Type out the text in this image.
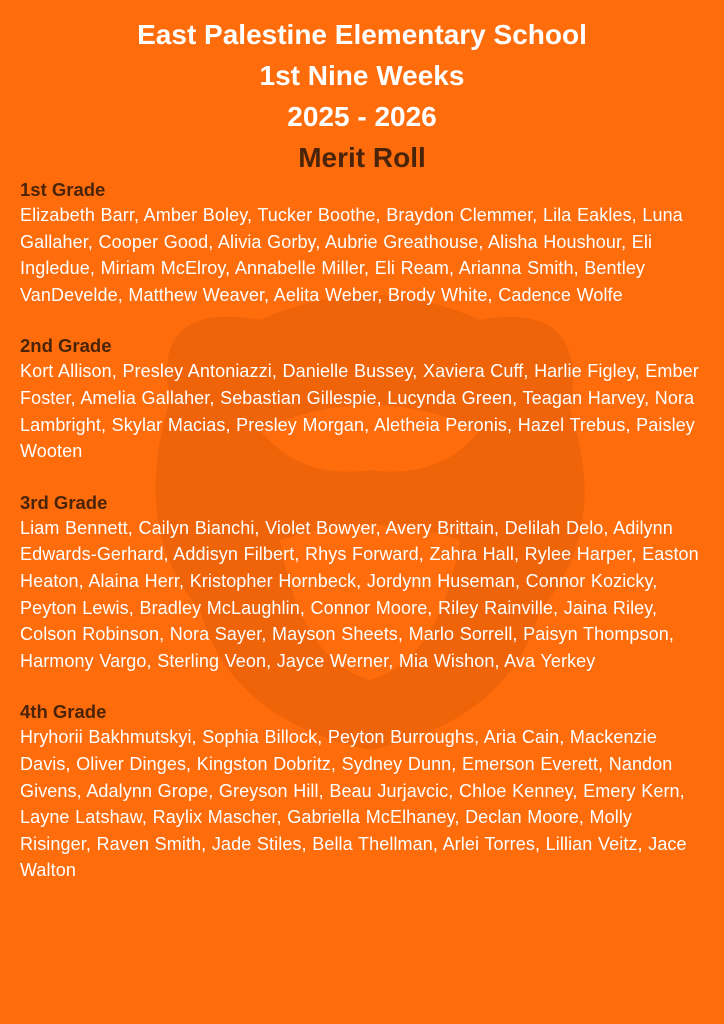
East Palestine Elementary School
1st Nine Weeks
2025 - 2026
Merit Roll
1st Grade

Elizabeth Barr, Amber Boley, Tucker Boothe, Braydon Clemmer, Lila Eakles, Luna Gallaher, Cooper Good, Alivia Gorby, Aubrie Greathouse, Alisha Houshour, Eli Ingledue, Miriam McElroy, Annabelle Miller, Eli Ream, Arianna Smith, Bentley VanDevelde, Matthew Weaver, Aelita Weber, Brody White, Cadence Wolfe

2nd Grade

Kort Allison, Presley Antoniazzi, Danielle Bussey, Xaviera Cuff, Harlie Figley, Ember Foster, Amelia Gallaher, Sebastian Gillespie, Lucynda Green, Teagan Harvey, Nora Lambright, Skylar Macias, Presley Morgan, Aletheia Peronis, Hazel Trebus, Paisley Wooten

3rd Grade

Liam Bennett, Cailyn Bianchi, Violet Bowyer, Avery Brittain, Delilah Delo, Adilynn Edwards-Gerhard, Addisyn Filbert, Rhys Forward, Zahra Hall, Rylee Harper, Easton Heaton, Alaina Herr, Kristopher Hornbeck, Jordynn Huseman, Connor Kozicky, Peyton Lewis, Bradley McLaughlin, Connor Moore, Riley Rainville, Jaina Riley, Colson Robinson, Nora Sayer, Mayson Sheets, Marlo Sorrell, Paisyn Thompson, Harmony Vargo, Sterling Veon, Jayce Werner, Mia Wishon, Ava Yerkey

4th Grade

Hryhorii Bakhmutskyi, Sophia Billock, Peyton Burroughs, Aria Cain, Mackenzie Davis, Oliver Dinges, Kingston Dobritz, Sydney Dunn, Emerson Everett, Nandon Givens, Adalynn Grope, Greyson Hill, Beau Jurjavcic, Chloe Kenney, Emery Kern, Layne Latshaw, Raylix Mascher, Gabriella McElhaney, Declan Moore, Molly Risinger, Raven Smith, Jade Stiles, Bella Thellman, Arlei Torres, Lillian Veitz, Jace Walton
